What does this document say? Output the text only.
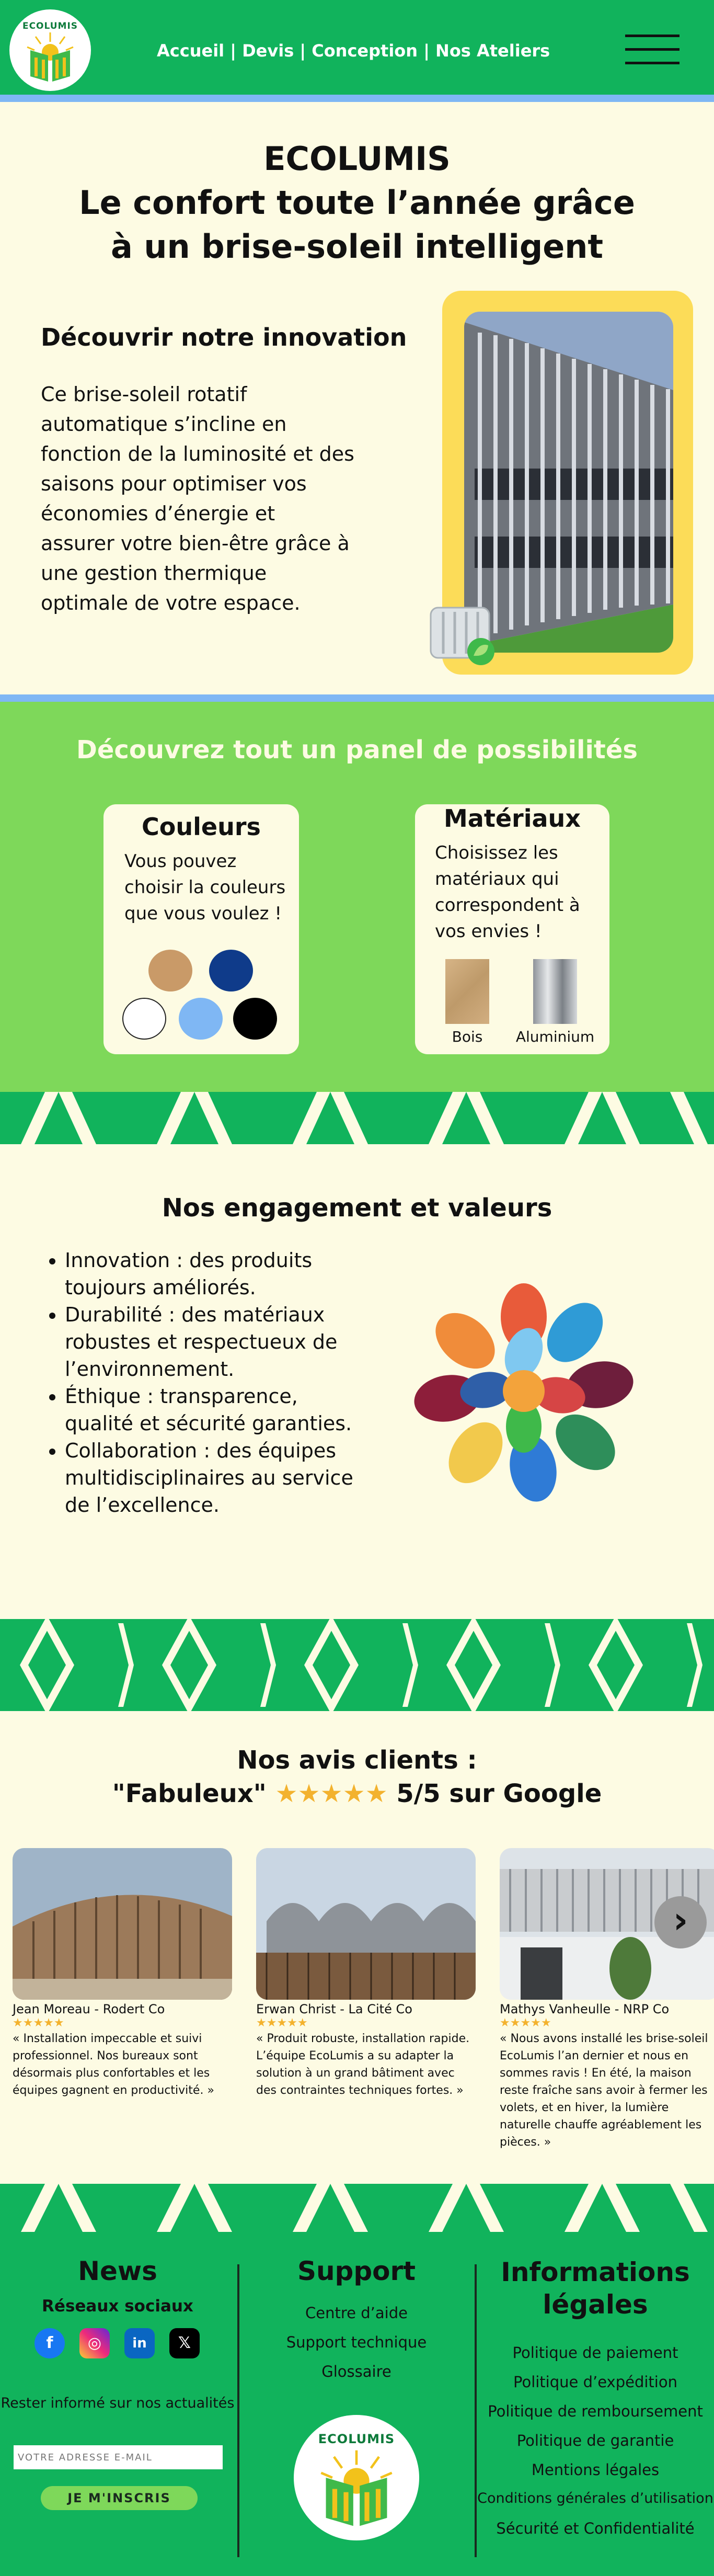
ECOLUMIS
Accueil | Devis | Conception | Nos Ateliers
ECOLUMIS
Le confort toute l’année grâce
à un brise-soleil intelligent
Découvrir notre innovation
Ce brise-soleil rotatif automatique s’incline en fonction de la luminosité et des saisons pour optimiser vos économies d’énergie et assurer votre bien-être grâce à une gestion thermique optimale de votre espace.
Découvrez tout un panel de possibilités
Couleurs

Vous pouvez choisir la couleurs que vous voulez !

Matériaux

Choisissez les matériaux qui correspondent à vos envies !

Bois	Aluminium
Nos engagement et valeurs
• Innovation : des produits toujours améliorés.
• Durabilité : des matériaux robustes et respectueux de l’environnement.
• Éthique : transparence, qualité et sécurité garanties.
• Collaboration : des équipes multidisciplinaires au service de l’excellence.
Nos avis clients :
"Fabuleux" ★★★★★ 5/5 sur Google
Jean Moreau - Rodert Co
★★★★★
« Installation impeccable et suivi professionnel. Nos bureaux sont désormais plus confortables et les équipes gagnent en productivité. »
Erwan Christ - La Cité Co
★★★★★
« Produit robuste, installation rapide. L’équipe EcoLumis a su adapter la solution à un grand bâtiment avec des contraintes techniques fortes. »
Mathys Vanheulle - NRP Co
★★★★★
« Nous avons installé les brise-soleil EcoLumis l’an dernier et nous en sommes ravis ! En été, la maison reste fraîche sans avoir à fermer les volets, et en hiver, la lumière naturelle chauffe agréablement les pièces. »
›
News
Réseaux sociaux
f	◎	in	𝕏
Rester informé sur nos actualités
VOTRE ADRESSE E-MAIL
JE M'INSCRIS
Support
Centre d’aide
Support technique
Glossaire
ECOLUMIS
Informations
légales
Politique de paiement
Politique d’expédition
Politique de remboursement
Politique de garantie
Mentions légales
Conditions générales d’utilisation
Sécurité et Confidentialité
